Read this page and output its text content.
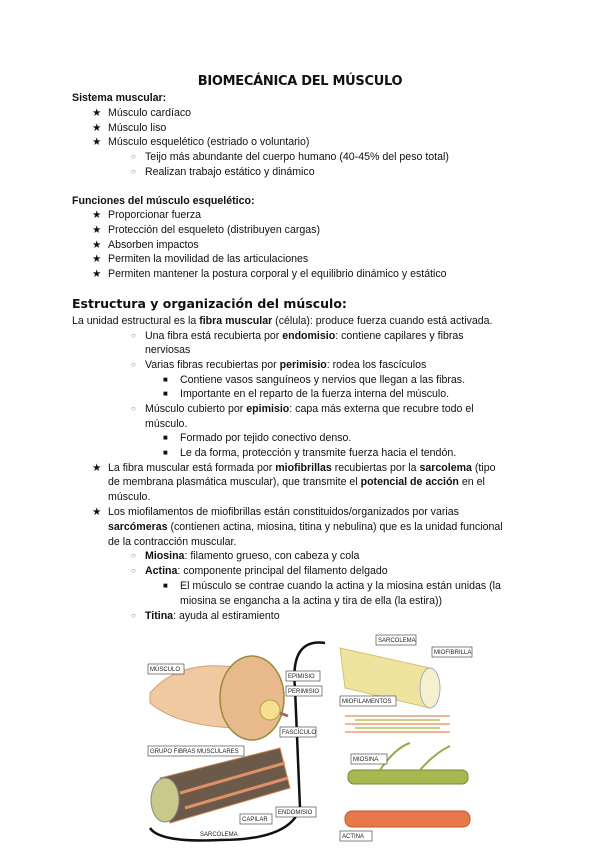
BIOMECÁNICA DEL MÚSCULO
Sistema muscular:
★ Músculo cardíaco
★ Músculo liso
★ Músculo esquelético (estriado o voluntario)
○ Teijo más abundante del cuerpo humano (40-45% del peso total)
○ Realizan trabajo estático y dinámico
Funciones del músculo esquelético:
★ Proporcionar fuerza
★ Protección del esqueleto (distribuyen cargas)
★ Absorben impactos
★ Permiten la movilidad de las articulaciones
★ Permiten mantener la postura corporal y el equilibrio dinámico y estático
Estructura y organización del músculo:
La unidad estructural es la fibra muscular (célula): produce fuerza cuando está activada.
○ Una fibra está recubierta por endomisio: contiene capilares y fibras
nerviosas
○ Varias fibras recubiertas por perimisio: rodea los fascículos
■ Contiene vasos sanguíneos y nervios que llegan a las fibras.
■ Importante en el reparto de la fuerza interna del músculo.
○ Músculo cubierto por epimisio: capa más externa que recubre todo el
músculo.
■ Formado por tejido conectivo denso.
■ Le da forma, protección y transmite fuerza hacia el tendón.
★ La fibra muscular está formada por miofibrillas recubiertas por la sarcolema (tipo
de membrana plasmática muscular), que transmite el potencial de acción en el
músculo.
★ Los miofilamentos de miofibrillas están constituidos/organizados por varias
sarcómeras (contienen actina, miosina, titina y nebulina) que es la unidad funcional
de la contracción muscular.
○ Miosina: filamento grueso, con cabeza y cola
○ Actina: componente principal del filamento delgado
■ El músculo se contrae cuando la actina y la miosina están unidas (la
miosina se engancha a la actina y tira de ella (la estira))
○ Titina: ayuda al estiramiento
MÚSCULO
EPIMISIO
PERIMISIO
FASCÍCULO
GRUPO FIBRAS MUSCULARES
ENDOMISIO
CAPILAR
SARCOLEMA
SARCOLEMA
MIOFIBRILLA
MIOFILAMENTOS
MIOSINA
ACTINA
